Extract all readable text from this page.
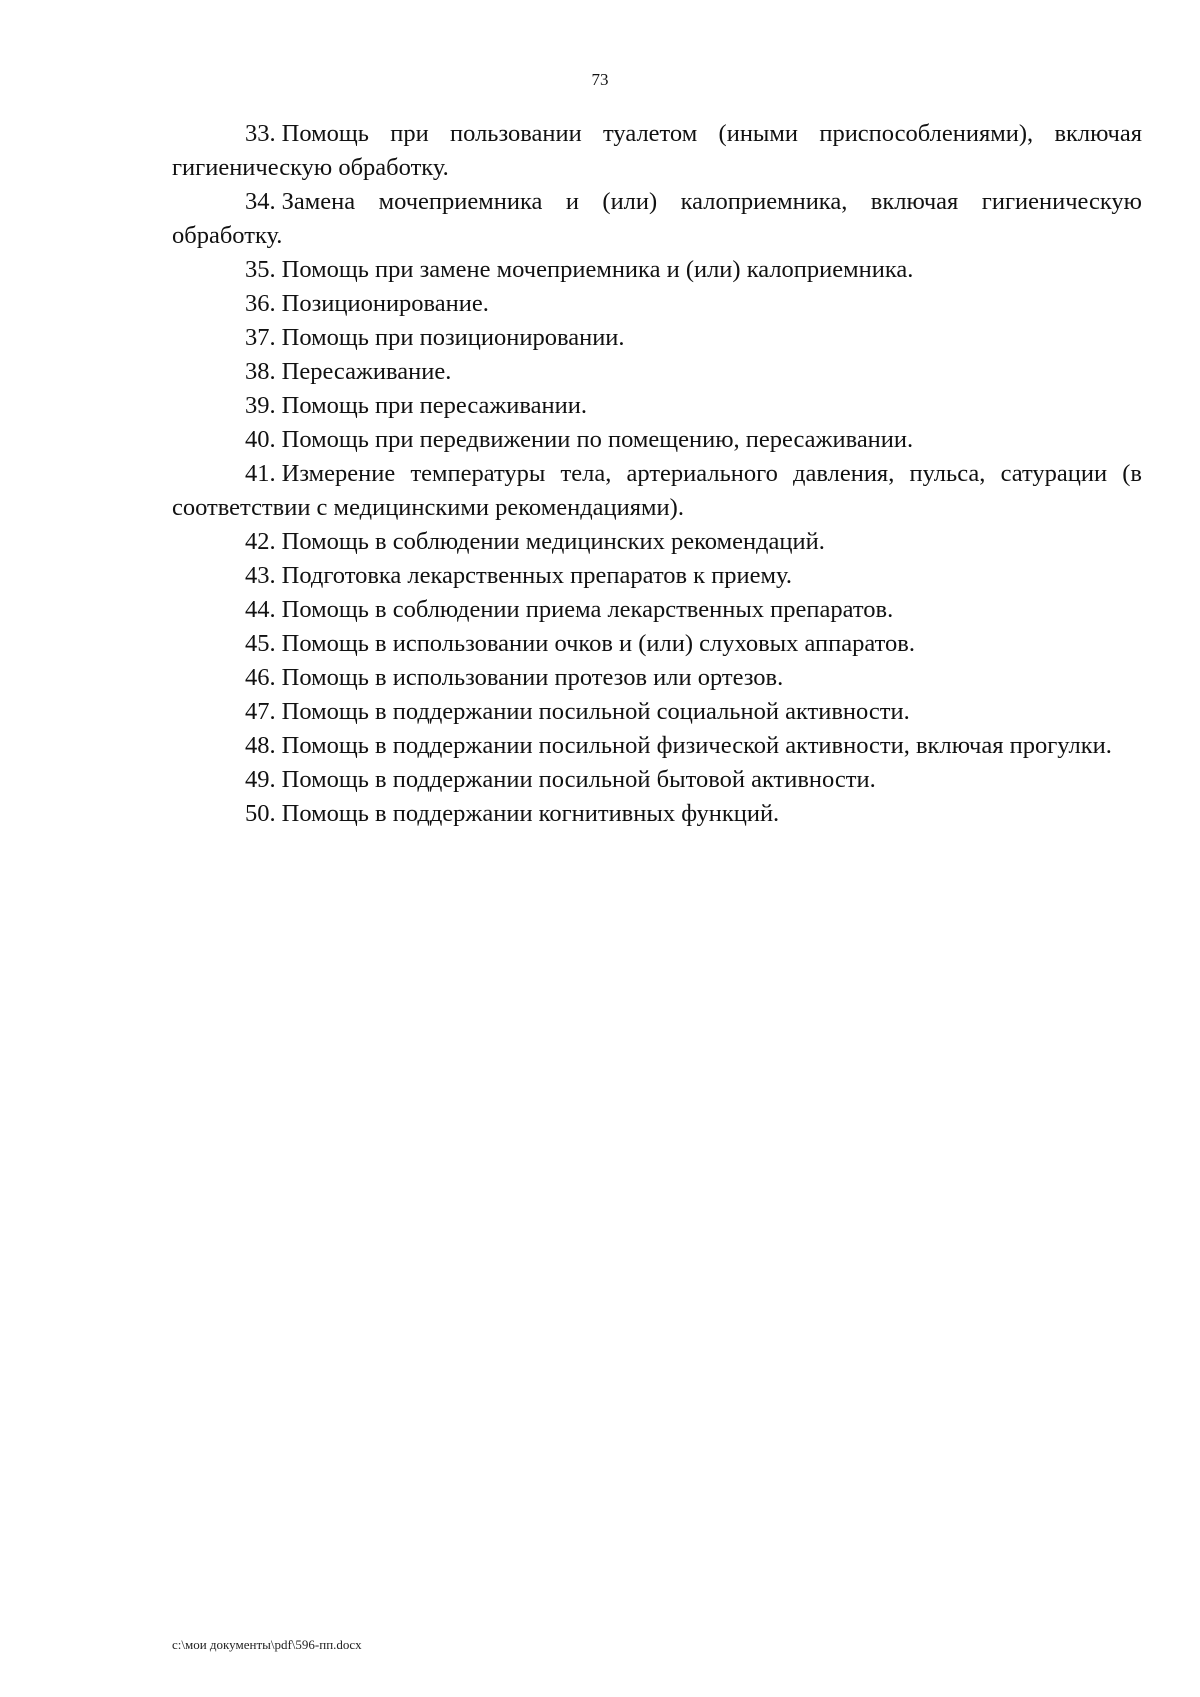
73
33. Помощь при пользовании туалетом (иными приспособлениями), включая гигиеническую обработку.
34. Замена мочеприемника и (или) калоприемника, включая гигиеническую обработку.
35. Помощь при замене мочеприемника и (или) калоприемника.
36. Позиционирование.
37. Помощь при позиционировании.
38. Пересаживание.
39. Помощь при пересаживании.
40. Помощь при передвижении по помещению, пересаживании.
41. Измерение температуры тела, артериального давления, пульса, сатурации (в соответствии с медицинскими рекомендациями).
42. Помощь в соблюдении медицинских рекомендаций.
43. Подготовка лекарственных препаратов к приему.
44. Помощь в соблюдении приема лекарственных препаратов.
45. Помощь в использовании очков и (или) слуховых аппаратов.
46. Помощь в использовании протезов или ортезов.
47. Помощь в поддержании посильной социальной активности.
48. Помощь в поддержании посильной физической активности, включая прогулки.
49. Помощь в поддержании посильной бытовой активности.
50. Помощь в поддержании когнитивных функций.
c:\мои документы\pdf\596-пп.docx
